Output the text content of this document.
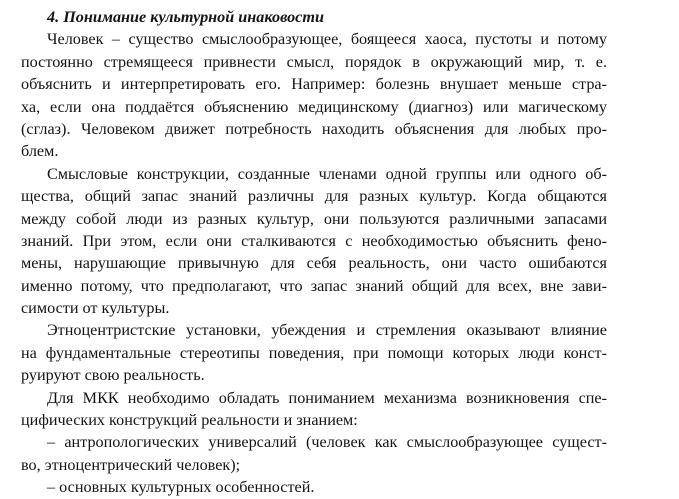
4. Понимание культурной инаковости
Человек – существо смыслообразующее, боящееся хаоса, пустоты и потому
постоянно стремящееся привнести смысл, порядок в окружающий мир, т. е.
объяснить и интерпретировать его. Например: болезнь внушает меньше стра-
ха, если она поддаётся объяснению медицинскому (диагноз) или магическому
(сглаз). Человеком движет потребность находить объяснения для любых про-
блем.
Смысловые конструкции, созданные членами одной группы или одного об-
щества, общий запас знаний различны для разных культур. Когда общаются
между собой люди из разных культур, они пользуются различными запасами
знаний. При этом, если они сталкиваются с необходимостью объяснить фено-
мены, нарушающие привычную для себя реальность, они часто ошибаются
именно потому, что предполагают, что запас знаний общий для всех, вне зави-
симости от культуры.
Этноцентристские установки, убеждения и стремления оказывают влияние
на фундаментальные стереотипы поведения, при помощи которых люди конст-
руируют свою реальность.
Для МКК необходимо обладать пониманием механизма возникновения спе-
цифических конструкций реальности и знанием:
– антропологических универсалий (человек как смыслообразующее сущест-
во, этноцентрический человек);
– основных культурных особенностей.
